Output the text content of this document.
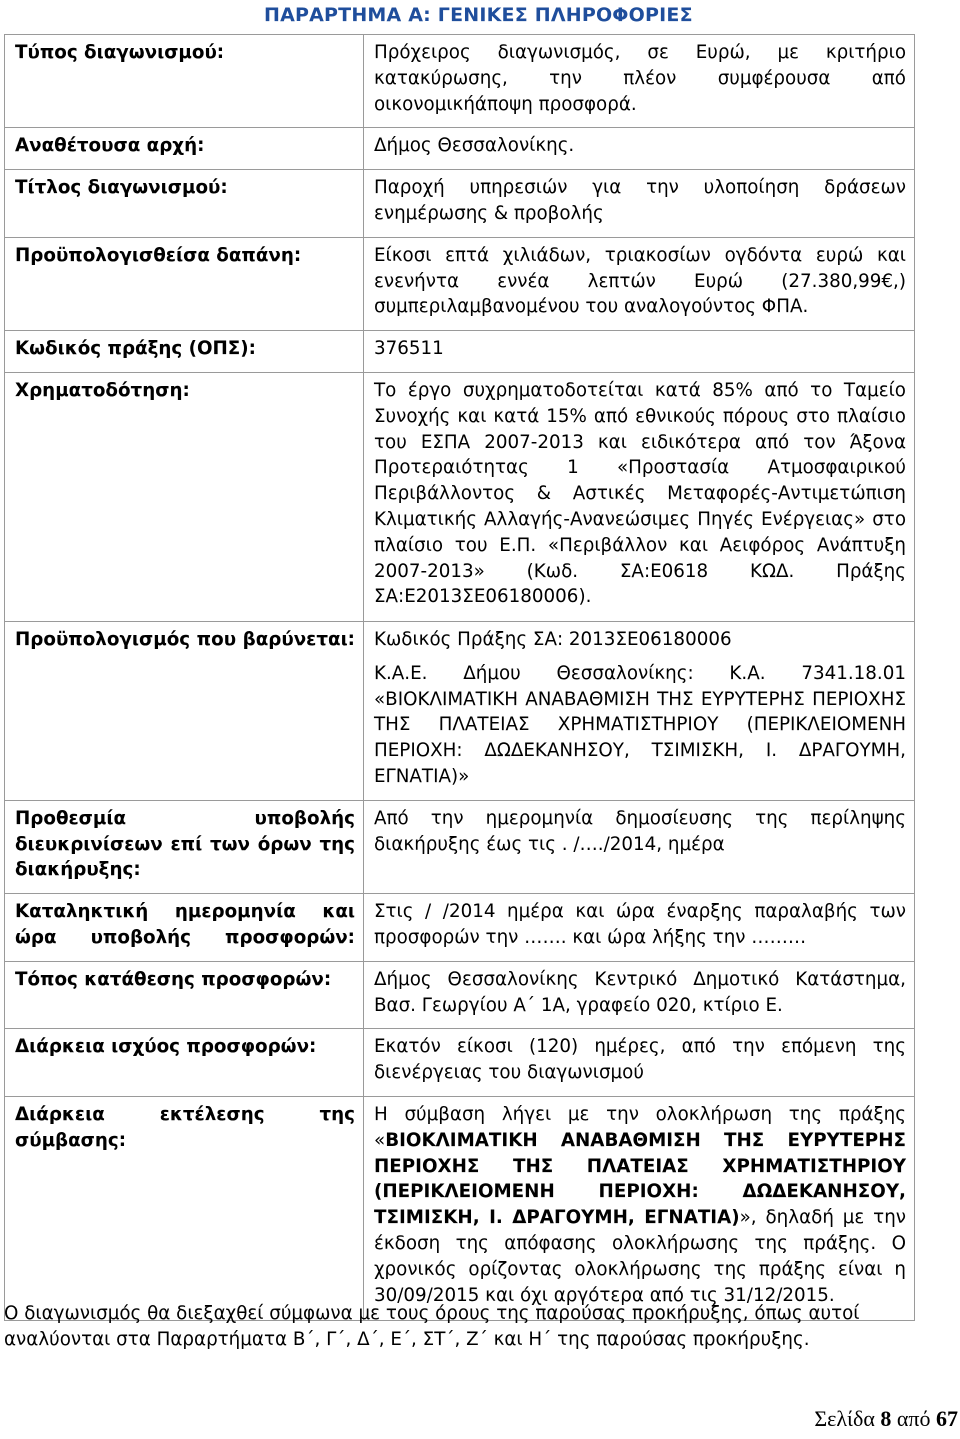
ΠΑΡΑΡΤΗΜΑ Α: ΓΕΝΙΚΕΣ ΠΛΗΡΟΦΟΡΙΕΣ
Τύπος διαγωνισμού:	Πρόχειρος διαγωνισμός, σε Ευρώ, με κριτήριο κατακύρωσης, την πλέον συμφέρουσα από οικονομικήάποψη προσφορά.

Αναθέτουσα αρχή:	Δήμος Θεσσαλονίκης.

Τίτλος διαγωνισμού:	Παροχή υπηρεσιών για την υλοποίηση δράσεων ενημέρωσης & προβολής

Προϋπολογισθείσα δαπάνη:	Είκοσι επτά χιλιάδων, τριακοσίων ογδόντα ευρώ και ενενήντα εννέα λεπτών Ευρώ (27.380,99€,) συμπεριλαμβανομένου του αναλογούντος ΦΠΑ.

Κωδικός πράξης (ΟΠΣ):	376511

Χρηματοδότηση:	Το έργο συχρηματοδοτείται κατά 85% από το Ταμείο Συνοχής και κατά 15% από εθνικούς πόρους στο πλαίσιο του ΕΣΠΑ 2007-2013 και ειδικότερα από τον Άξονα Προτεραιότητας 1 «Προστασία Ατμοσφαιρικού Περιβάλλοντος & Αστικές Μεταφορές-Αντιμετώπιση Κλιματικής Αλλαγής-Ανανεώσιμες Πηγές Ενέργειας» στο πλαίσιο του Ε.Π. «Περιβάλλον και Αειφόρος Ανάπτυξη 2007-2013» (Κωδ. ΣΑ:Ε0618 ΚΩΔ. Πράξης ΣΑ:Ε2013ΣΕ06180006).

Προϋπολογισμός που βαρύνεται:	Κωδικός Πράξης ΣΑ: 2013ΣΕ06180006

Κ.Α.Ε. Δήμου Θεσσαλονίκης: Κ.Α. 7341.18.01 «ΒΙΟΚΛΙΜΑΤΙΚΗ ΑΝΑΒΑΘΜΙΣΗ ΤΗΣ ΕΥΡΥΤΕΡΗΣ ΠΕΡΙΟΧΗΣ ΤΗΣ ΠΛΑΤΕΙΑΣ ΧΡΗΜΑΤΙΣΤΗΡΙΟΥ (ΠΕΡΙΚΛΕΙΟΜΕΝΗ ΠΕΡΙΟΧΗ: ΔΩΔΕΚΑΝΗΣΟΥ, ΤΣΙΜΙΣΚΗ, Ι. ΔΡΑΓΟΥΜΗ, ΕΓΝΑΤΙΑ)»

Προθεσμία υποβολής διευκρινίσεων επί των όρων της διακήρυξης:	Από την ημερομηνία δημοσίευσης της περίληψης διακήρυξης έως τις . /…./2014, ημέρα

Καταληκτική ημερομηνία και ώρα υποβολής προσφορών:	Στις / /2014 ημέρα και ώρα έναρξης παραλαβής των προσφορών την ……. και ώρα λήξης την ………

Τόπος κατάθεσης προσφορών:	Δήμος Θεσσαλονίκης Κεντρικό Δημοτικό Κατάστημα, Βασ. Γεωργίου Α΄ 1Α, γραφείο 020, κτίριο Ε.

Διάρκεια ισχύος προσφορών:	Εκατόν είκοσι (120) ημέρες, από την επόμενη της διενέργειας του διαγωνισμού

Διάρκεια εκτέλεσης της σύμβασης:	Η σύμβαση λήγει με την ολοκλήρωση της πράξης «ΒΙΟΚΛΙΜΑΤΙΚΗ ΑΝΑΒΑΘΜΙΣΗ ΤΗΣ ΕΥΡΥΤΕΡΗΣ ΠΕΡΙΟΧΗΣ ΤΗΣ ΠΛΑΤΕΙΑΣ ΧΡΗΜΑΤΙΣΤΗΡΙΟΥ (ΠΕΡΙΚΛΕΙΟΜΕΝΗ ΠΕΡΙΟΧΗ: ΔΩΔΕΚΑΝΗΣΟΥ, ΤΣΙΜΙΣΚΗ, Ι. ΔΡΑΓΟΥΜΗ, ΕΓΝΑΤΙΑ)», δηλαδή με την έκδοση της απόφασης ολοκλήρωσης της πράξης. Ο χρονικός ορίζοντας ολοκλήρωσης της πράξης είναι η 30/09/2015 και όχι αργότερα από τις 31/12/2015.

Ο διαγωνισμός θα διεξαχθεί σύμφωνα με τους όρους της παρούσας προκήρυξης, όπως αυτοί αναλύονται στα Παραρτήματα Β΄, Γ΄, Δ΄, Ε΄, ΣΤ΄, Ζ΄ και Η΄ της παρούσας προκήρυξης.

Σελίδα 8 από 67
